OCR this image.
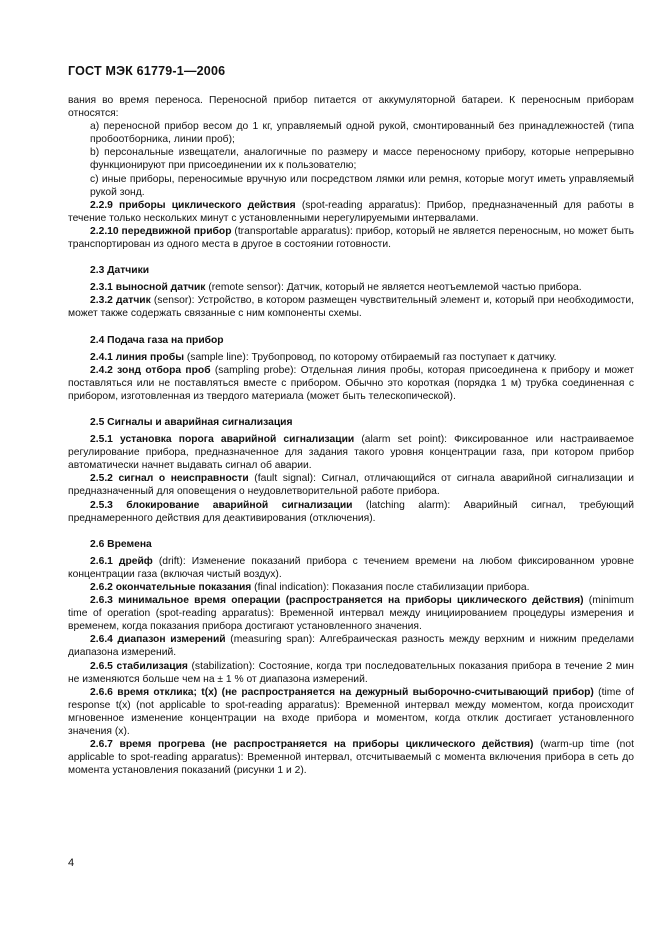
ГОСТ МЭК 61779-1—2006

вания во время переноса. Переносной прибор питается от аккумуляторной батареи. К переносным приборам относятся:

a) переносной прибор весом до 1 кг, управляемый одной рукой, смонтированный без принадлежностей (типа пробоотборника, линии проб);

b) персональные извещатели, аналогичные по размеру и массе переносному прибору, которые непрерывно функционируют при присоединении их к пользователю;

c) иные приборы, переносимые вручную или посредством лямки или ремня, которые могут иметь управляемый рукой зонд.

2.2.9 приборы циклического действия (spot-reading apparatus): Прибор, предназначенный для работы в течение только нескольких минут с установленными нерегулируемыми интервалами.

2.2.10 передвижной прибор (transportable apparatus): прибор, который не является переносным, но может быть транспортирован из одного места в другое в состоянии готовности.

2.3 Датчики

2.3.1 выносной датчик (remote sensor): Датчик, который не является неотъемлемой частью прибора.

2.3.2 датчик (sensor): Устройство, в котором размещен чувствительный элемент и, который при необходимости, может также содержать связанные с ним компоненты схемы.

2.4 Подача газа на прибор

2.4.1 линия пробы (sample line): Трубопровод, по которому отбираемый газ поступает к датчику.

2.4.2 зонд отбора проб (sampling probe): Отдельная линия пробы, которая присоединена к прибору и может поставляться или не поставляться вместе с прибором. Обычно это короткая (порядка 1 м) трубка соединенная с прибором, изготовленная из твердого материала (может быть телескопической).

2.5 Сигналы и аварийная сигнализация

2.5.1 установка порога аварийной сигнализации (alarm set point): Фиксированное или настраиваемое регулирование прибора, предназначенное для задания такого уровня концентрации газа, при котором прибор автоматически начнет выдавать сигнал об аварии.

2.5.2 сигнал о неисправности (fault signal): Сигнал, отличающийся от сигнала аварийной сигнализации и предназначенный для оповещения о неудовлетворительной работе прибора.

2.5.3 блокирование аварийной сигнализации (latching alarm): Аварийный сигнал, требующий преднамеренного действия для деактивирования (отключения).

2.6 Времена

2.6.1 дрейф (drift): Изменение показаний прибора с течением времени на любом фиксированном уровне концентрации газа (включая чистый воздух).

2.6.2 окончательные показания (final indication): Показания после стабилизации прибора.

2.6.3 минимальное время операции (распространяется на приборы циклического действия) (minimum time of operation (spot-reading apparatus): Временной интервал между инициированием процедуры измерения и временем, когда показания прибора достигают установленного значения.

2.6.4 диапазон измерений (measuring span): Алгебраическая разность между верхним и нижним пределами диапазона измерений.

2.6.5 стабилизация (stabilization): Состояние, когда три последовательных показания прибора в течение 2 мин не изменяются больше чем на ± 1 % от диапазона измерений.

2.6.6 время отклика; t(x) (не распространяется на дежурный выборочно-считывающий прибор) (time of response t(x) (not applicable to spot-reading apparatus): Временной интервал между моментом, когда происходит мгновенное изменение концентрации на входе прибора и моментом, когда отклик достигает установленного значения (x).

2.6.7 время прогрева (не распространяется на приборы циклического действия) (warm-up time (not applicable to spot-reading apparatus): Временной интервал, отсчитываемый с момента включения прибора в сеть до момента установления показаний (рисунки 1 и 2).

4
